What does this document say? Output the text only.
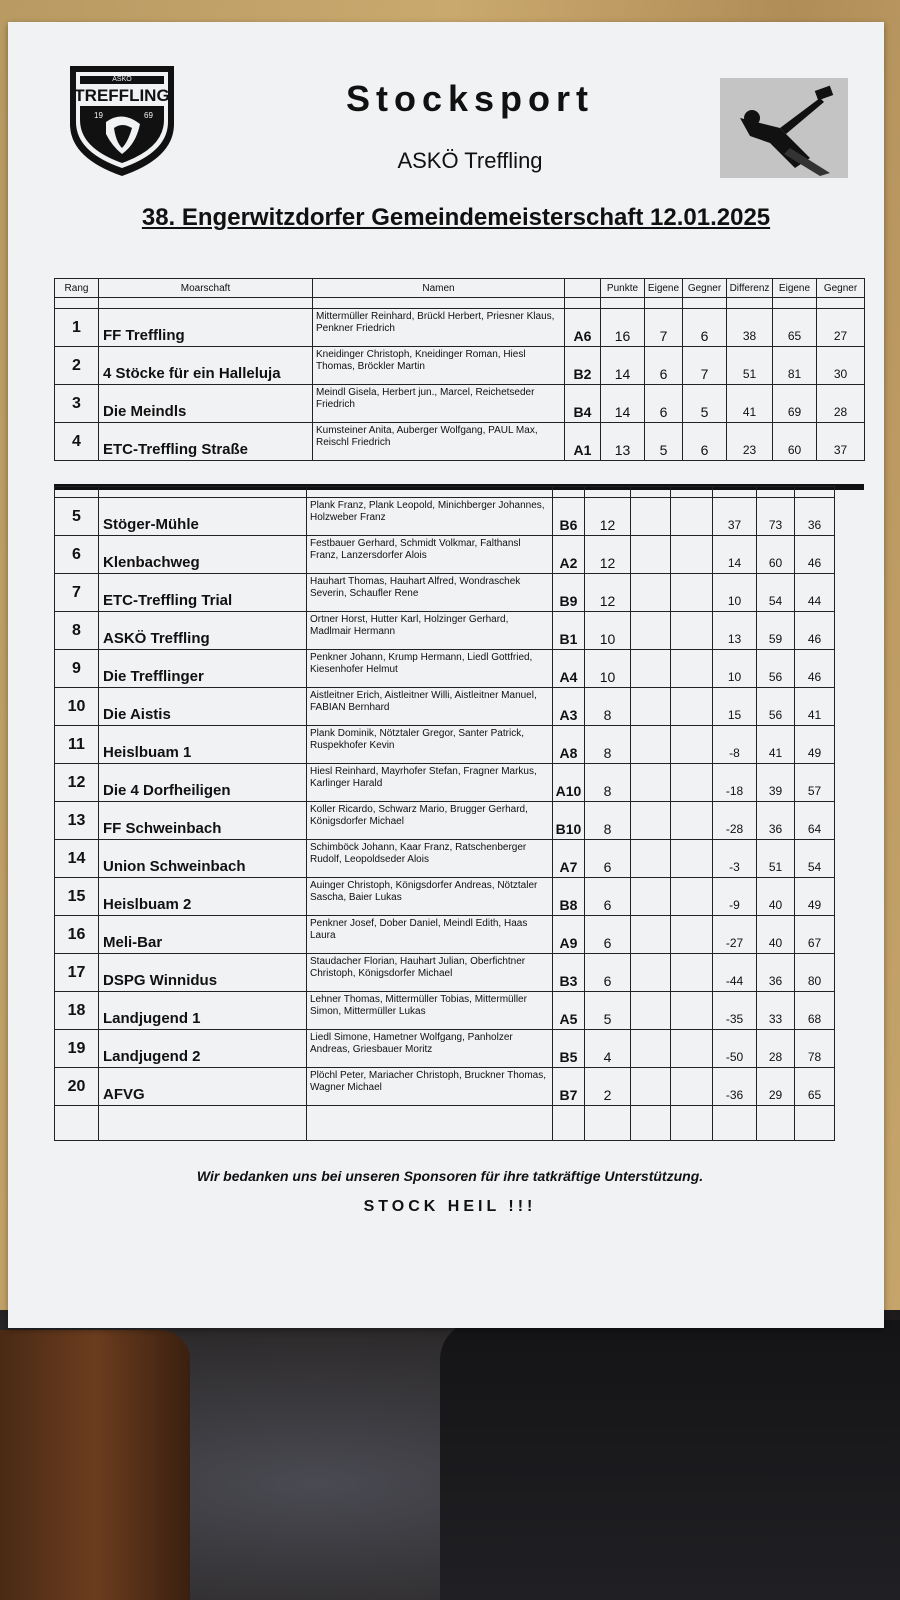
TREFFLING
ASKÖ
19	69	Stocksport
ASKÖ Treffling
38. Engerwitzdorfer Gemeindemeisterschaft 12.01.2025
Rang	Moarschaft	Namen		Punkte	Eigene	Gegner	Differenz	Eigene	Gegner

1	FF Treffling	Mittermüller Reinhard, Brückl Herbert, Priesner Klaus, Penkner Friedrich	A6	16	7	6	38	65	27
2	4 Stöcke für ein Halleluja	Kneidinger Christoph, Kneidinger Roman, Hiesl Thomas, Bröckler Martin	B2	14	6	7	51	81	30
3	Die Meindls	Meindl Gisela, Herbert jun., Marcel, Reichetseder Friedrich	B4	14	6	5	41	69	28
4	ETC-Treffling Straße	Kumsteiner Anita, Auberger Wolfgang, PAUL Max, Reischl Friedrich	A1	13	5	6	23	60	37

5	Stöger-Mühle	Plank Franz, Plank Leopold, Minichberger Johannes, Holzweber Franz	B6	12			37	73	36
6	Klenbachweg	Festbauer Gerhard, Schmidt Volkmar, Falthansl Franz, Lanzersdorfer Alois	A2	12			14	60	46
7	ETC-Treffling Trial	Hauhart Thomas, Hauhart Alfred, Wondraschek Severin, Schaufler Rene	B9	12			10	54	44
8	ASKÖ Treffling	Ortner Horst, Hutter Karl, Holzinger Gerhard, Madlmair Hermann	B1	10			13	59	46
9	Die Trefflinger	Penkner Johann, Krump Hermann, Liedl Gottfried, Kiesenhofer Helmut	A4	10			10	56	46
10	Die Aistis	Aistleitner Erich, Aistleitner Willi, Aistleitner Manuel, FABIAN Bernhard	A3	8			15	56	41
11	Heislbuam 1	Plank Dominik, Nötztaler Gregor, Santer Patrick, Ruspekhofer Kevin	A8	8			-8	41	49
12	Die 4 Dorfheiligen	Hiesl Reinhard, Mayrhofer Stefan, Fragner Markus, Karlinger Harald	A10	8			-18	39	57
13	FF Schweinbach	Koller Ricardo, Schwarz Mario, Brugger Gerhard, Königsdorfer Michael	B10	8			-28	36	64
14	Union Schweinbach	Schimböck Johann, Kaar Franz, Ratschenberger Rudolf, Leopoldseder Alois	A7	6			-3	51	54
15	Heislbuam 2	Auinger Christoph, Königsdorfer Andreas, Nötztaler Sascha, Baier Lukas	B8	6			-9	40	49
16	Meli-Bar	Penkner Josef, Dober Daniel, Meindl Edith, Haas Laura	A9	6			-27	40	67
17	DSPG Winnidus	Staudacher Florian, Hauhart Julian, Oberfichtner Christoph, Königsdorfer Michael	B3	6			-44	36	80
18	Landjugend 1	Lehner Thomas, Mittermüller Tobias, Mittermüller Simon, Mittermüller Lukas	A5	5			-35	33	68
19	Landjugend 2	Liedl Simone, Hametner Wolfgang, Panholzer Andreas, Griesbauer Moritz	B5	4			-50	28	78
20	AFVG	Plöchl Peter, Mariacher Christoph, Bruckner Thomas, Wagner Michael	B7	2			-36	29	65

Wir bedanken uns bei unseren Sponsoren für ihre tatkräftige Unterstützung.
STOCK HEIL !!!
